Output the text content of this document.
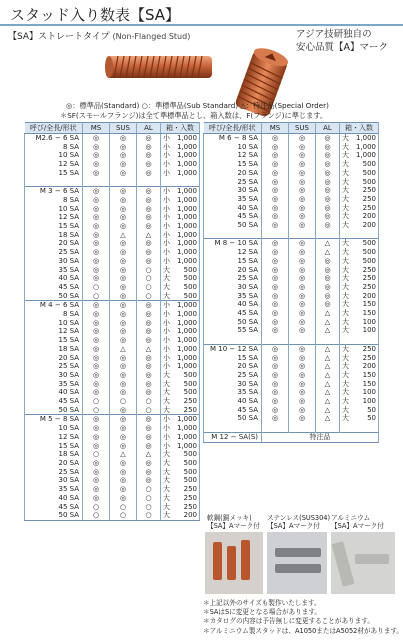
スタッド入り数表【SA】
【SA】ストレートタイプ (Non-Flanged Stud)	アジア技研独自の
安心品質【A】マーク
◎：標準品(Standard) ○：準標準品(Sub Standard) △：特注品(Special Order)
＊SF(スモールフランジ)は全て準標準品とし、箱入数は、F(フランジ)に準じます。
呼び/全長/形状	MS	SUS	AL	箱・入数
M2.6 − 6 SA	◎	◎	◎	小 1,000

8 SA	◎	◎	◎	小 1,000

10 SA	◎	◎	◎	小 1,000

12 SA	◎	◎	◎	小 1,000

15 SA	◎	◎	◎	小 1,000

M 3 − 6 SA	◎	◎	◎	小 1,000

8 SA	◎	◎	◎	小 1,000

10 SA	◎	◎	◎	小 1,000

12 SA	◎	◎	◎	小 1,000

15 SA	◎	◎	◎	小 1,000

18 SA	◎	△	△	小 1,000

20 SA	◎	◎	◎	小 1,000

25 SA	◎	◎	◎	小 1,000

30 SA	◎	◎	◎	小 1,000

35 SA	◎	◎	○	大 500

40 SA	◎	◎	○	大 500

45 SA	○	◎	○	大 500

50 SA	○	◎	○	大 500

M 4 − 6 SA	◎	◎	◎	小 1,000

8 SA	◎	◎	◎	小 1,000

10 SA	◎	◎	◎	小 1,000

12 SA	◎	◎	◎	小 1,000

15 SA	◎	◎	◎	小 1,000

18 SA	◎	△	△	小 1,000

20 SA	◎	◎	◎	小 1,000

25 SA	◎	◎	◎	小 1,000

30 SA	◎	◎	◎	大 500

35 SA	◎	◎	◎	大 500

40 SA	◎	◎	◎	大 500

45 SA	○	○	○	大 250

50 SA	○	◎	○	大 250

M 5 − 8 SA	◎	◎	◎	小 1,000

10 SA	◎	◎	◎	小 1,000

12 SA	◎	◎	◎	小 1,000

15 SA	◎	◎	◎	小 1,000

18 SA	○	△	△	大 500

20 SA	◎	◎	◎	大 500

25 SA	◎	◎	◎	大 500

30 SA	◎	◎	◎	大 500

35 SA	◎	◎	○	大 250

40 SA	◎	◎	○	大 250

45 SA	○	○	○	大 250

50 SA	○	○	○	大 200
呼び/全長/形状	MS	SUS	AL	箱・入数
M 6 − 8 SA	◎	◎	◎	大 1,000

10 SA	◎	◎	◎	大 1,000

12 SA	◎	◎	◎	大 1,000

15 SA	◎	◎	◎	大 500

20 SA	◎	◎	◎	大 500

25 SA	◎	◎	◎	大 500

30 SA	◎	◎	◎	大 250

35 SA	◎	◎	◎	大 250

40 SA	◎	◎	◎	大 250

45 SA	◎	◎	◎	大 200

50 SA	◎	◎	◎	大 200

M 8 − 10 SA	◎	◎	△	大 500

12 SA	◎	◎	△	大 500

15 SA	◎	◎	◎	大 500

20 SA	◎	◎	◎	大 250

25 SA	◎	◎	◎	大 250

30 SA	◎	◎	◎	大 250

35 SA	◎	◎	◎	大 200

40 SA	◎	◎	◎	大 150

45 SA	◎	◎	△	大 150

50 SA	◎	◎	△	大 100

55 SA	◎	◎	△	大 100

M 10 − 12 SA	◎	◎	△	大 250

15 SA	◎	◎	△	大 250

20 SA	◎	◎	△	大 200

25 SA	◎	◎	△	大 150

30 SA	◎	◎	△	大 150

35 SA	◎	◎	△	大 100

40 SA	◎	◎	△	大 100

45 SA	◎	◎	△	大 50

50 SA	◎	◎	△	大 50

M 12 − SA(S)	特注品			
軟鋼(銅メッキ)
【SA】Aマーク付
ステンレス(SUS304)
【SA】Aマーク付
アルミニウム
【SA】Aマーク付
＊上記以外のサイズも製作いたします。
＊SAはSに変更となる場合があります。
＊カタログの内容は予告無しに変更することがあります。
＊アルミニウム製スタッドは、A1050またはA5052材があります。
